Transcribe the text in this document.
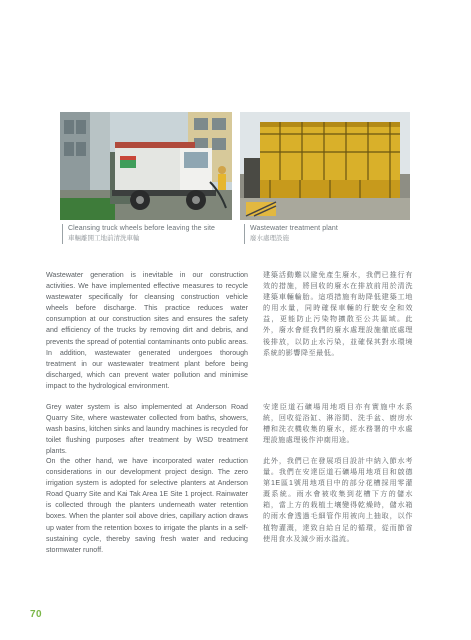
Cleansing truck wheels before leaving the site
車輛離開工地前清洗車輪
Wastewater treatment plant
廢水處理設施

Wastewater generation is inevitable in our construction activities. We have implemented effective measures to recycle wastewater specifically for cleansing construction vehicle wheels before discharge. This practice reduces water consumption at our construction sites and ensures the safety and efficiency of the trucks by removing dirt and debris, and prevents the spread of potential contaminants onto public areas. In addition, wastewater generated undergoes thorough treatment in our wastewater treatment plant before being discharged, which can prevent water pollution and minimise impact to the hydrological environment.

Grey water system is also implemented at Anderson Road Quarry Site, where wastewater collected from baths, showers, wash basins, kitchen sinks and laundry machines is recycled for toilet flushing purposes after treatment by WSD treatment plants.

On the other hand, we have incorporated water reduction considerations in our development project design. The zero irrigation system is adopted for selective planters at Anderson Road Quarry Site and Kai Tak Area 1E Site 1 project. Rainwater is collected through the planters underneath water retention boxes. When the planter soil above dries, capillary action draws up water from the retention boxes to irrigate the plants in a self-sustaining cycle, thereby saving fresh water and reducing stormwater runoff.

建築活動難以避免產生廢水，我們已推行有效的措施，將回收的廢水在排放前用於清洗建築車輛輪胎。這項措施有助降低建築工地的用水量，同時確保車輛的行駛安全和效益，更能防止污染物擴散至公共區域。此外，廢水會經我們的廢水處理設施徹底處理後排放，以防止水污染，並確保其對水環境系統的影響降至最低。

安達臣道石礦場用地項目亦有實施中水系統，回收從浴缸、淋浴間、洗手盆、廚房水槽和洗衣機收集的廢水，經水務署的中水處理設施處理後作沖廁用途。

此外，我們已在發展項目設計中納入節水考量。我們在安達臣道石礦場用地項目和啟德第1E區1號用地項目中的部分花槽採用零灌溉系統。雨水會被收集到花槽下方的儲水箱，當上方的栽植土壤變得乾燥時，儲水箱的雨水會透過毛細管作用被向上抽取，以作植物灌溉，達致自給自足的循環，從而節省使用食水及減少雨水溢流。

70
